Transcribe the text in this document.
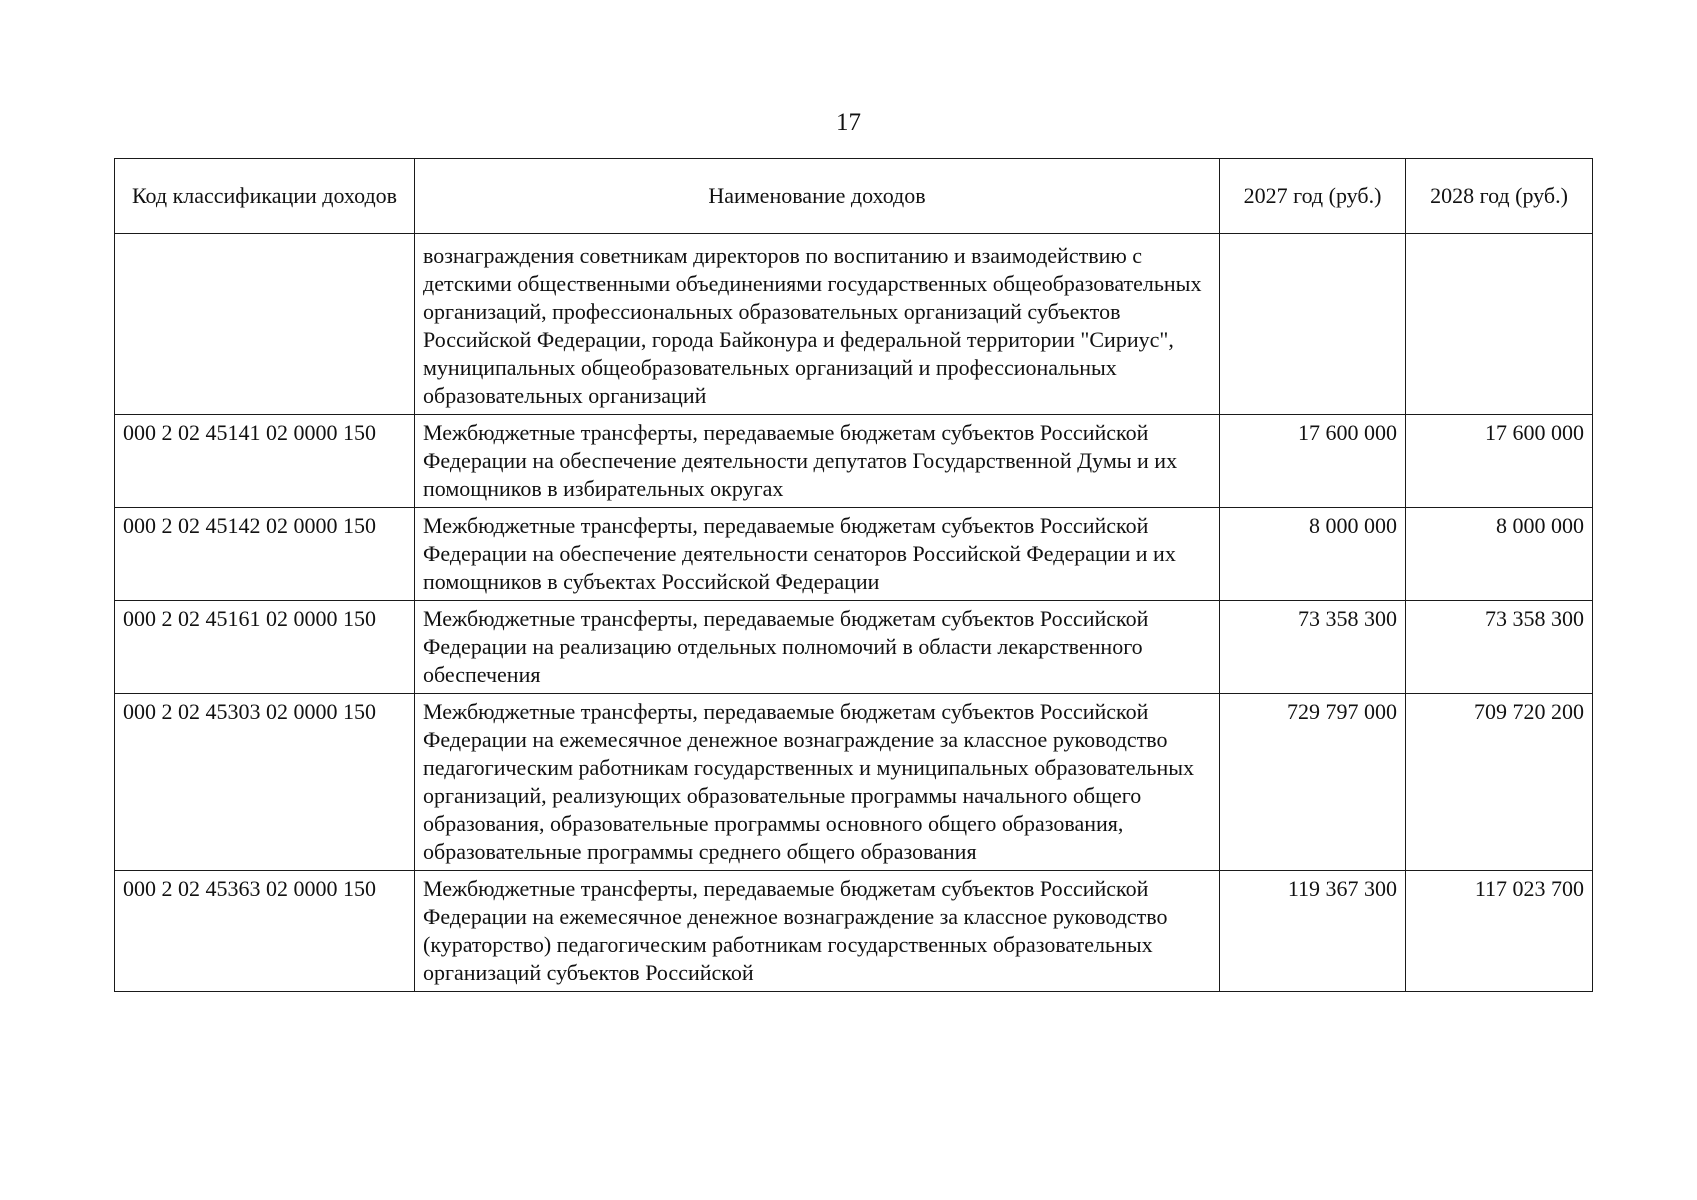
17
Код классификации доходов	Наименование доходов	2027 год (руб.)	2028 год (руб.)
	вознаграждения советникам директоров по воспитанию и взаимодействию с детскими общественными объединениями государственных общеобразовательных организаций, профессиональных образовательных организаций субъектов Российской Федерации, города Байконура и федеральной территории "Сириус", муниципальных общеобразовательных организаций и профессиональных образовательных организаций		
000 2 02 45141 02 0000 150	Межбюджетные трансферты, передаваемые бюджетам субъектов Российской Федерации на обеспечение деятельности депутатов Государственной Думы и их помощников в избирательных округах	17 600 000	17 600 000
000 2 02 45142 02 0000 150	Межбюджетные трансферты, передаваемые бюджетам субъектов Российской Федерации на обеспечение деятельности сенаторов Российской Федерации и их помощников в субъектах Российской Федерации	8 000 000	8 000 000
000 2 02 45161 02 0000 150	Межбюджетные трансферты, передаваемые бюджетам субъектов Российской Федерации на реализацию отдельных полномочий в области лекарственного обеспечения	73 358 300	73 358 300
000 2 02 45303 02 0000 150	Межбюджетные трансферты, передаваемые бюджетам субъектов Российской Федерации на ежемесячное денежное вознаграждение за классное руководство педагогическим работникам государственных и муниципальных образовательных организаций, реализующих образовательные программы начального общего образования, образовательные программы основного общего образования, образовательные программы среднего общего образования	729 797 000	709 720 200
000 2 02 45363 02 0000 150	Межбюджетные трансферты, передаваемые бюджетам субъектов Российской Федерации на ежемесячное денежное вознаграждение за классное руководство (кураторство) педагогическим работникам государственных образовательных организаций субъектов Российской	119 367 300	117 023 700
